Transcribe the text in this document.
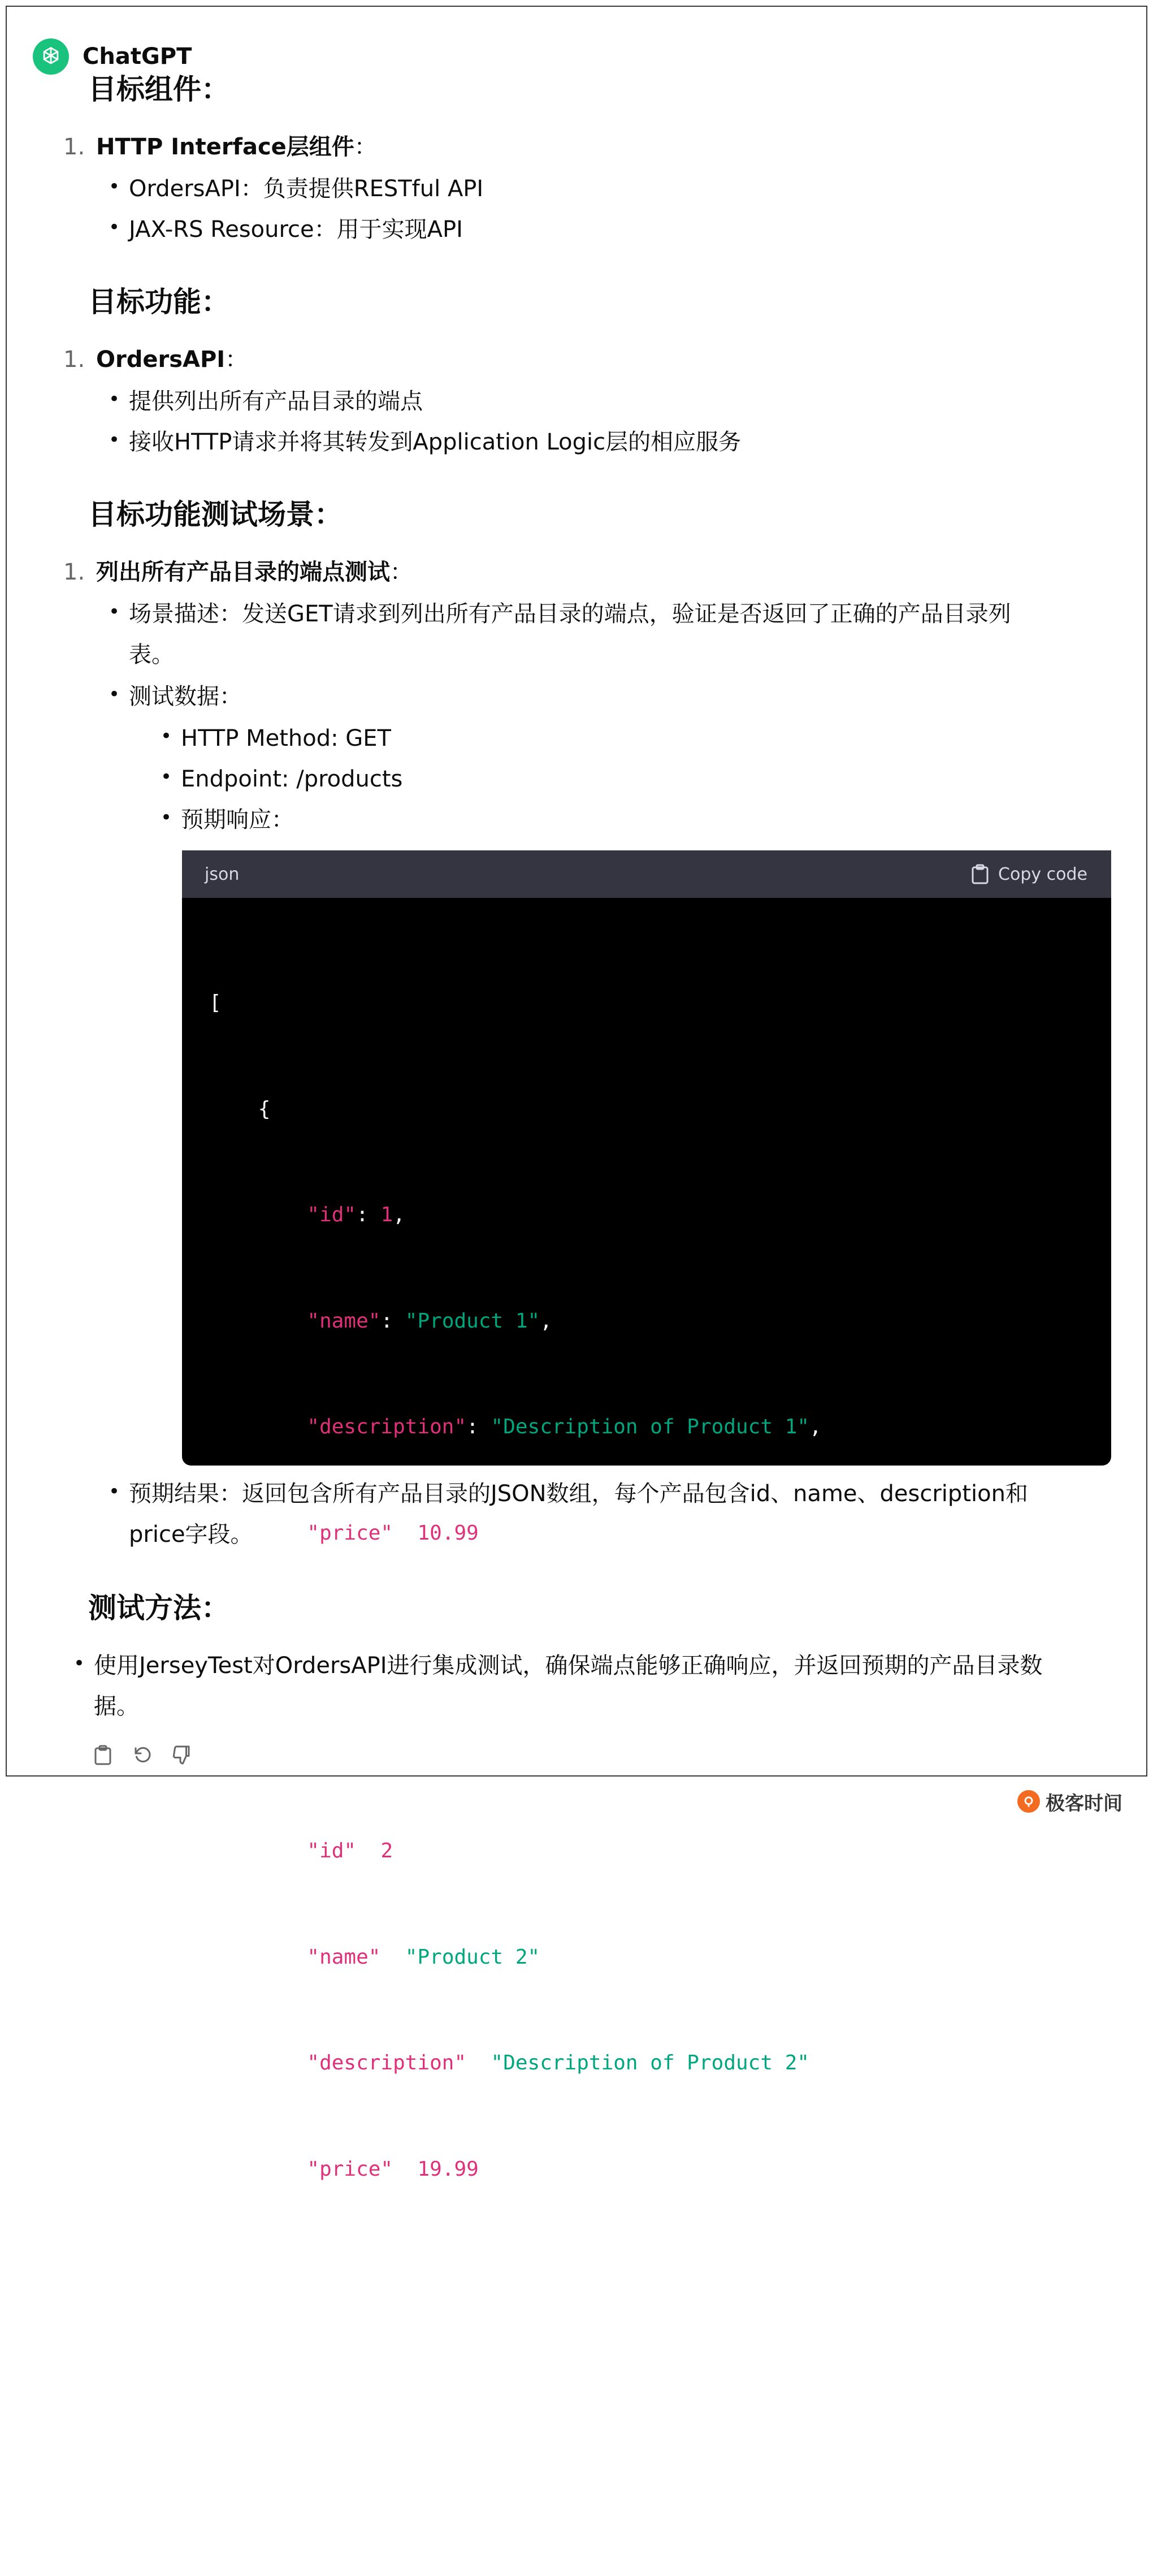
ChatGPT
目标组件：
1. HTTP Interface层组件 ：
• OrdersAPI：负责提供RESTful API
• JAX-RS Resource：用于实现API
目标功能：
1. OrdersAPI ：
• 提供列出所有产品目录的端点
• 接收HTTP请求并将其转发到Application Logic层的相应服务
目标功能测试场景：
1. 列出所有产品目录的端点测试 ：
• 场景描述：发送GET请求到列出所有产品目录的端点，验证是否返回了正确的产品目录列
表。
• 测试数据：
• HTTP Method: GET
• Endpoint: /products
• 预期响应：
json	Copy code

[

{

"id": 1,

"name": "Product 1",

"description": "Description of Product 1",

"price": 10.99

},

{

"id": 2,

"name": "Product 2",

"description": "Description of Product 2",

"price": 19.99

},

...

]

• 预期结果：返回包含所有产品目录的JSON数组，每个产品包含id、name、description和
price字段。
测试方法：
• 使用JerseyTest对OrdersAPI进行集成测试，确保端点能够正确响应，并返回预期的产品目录数
据。
极客时间
